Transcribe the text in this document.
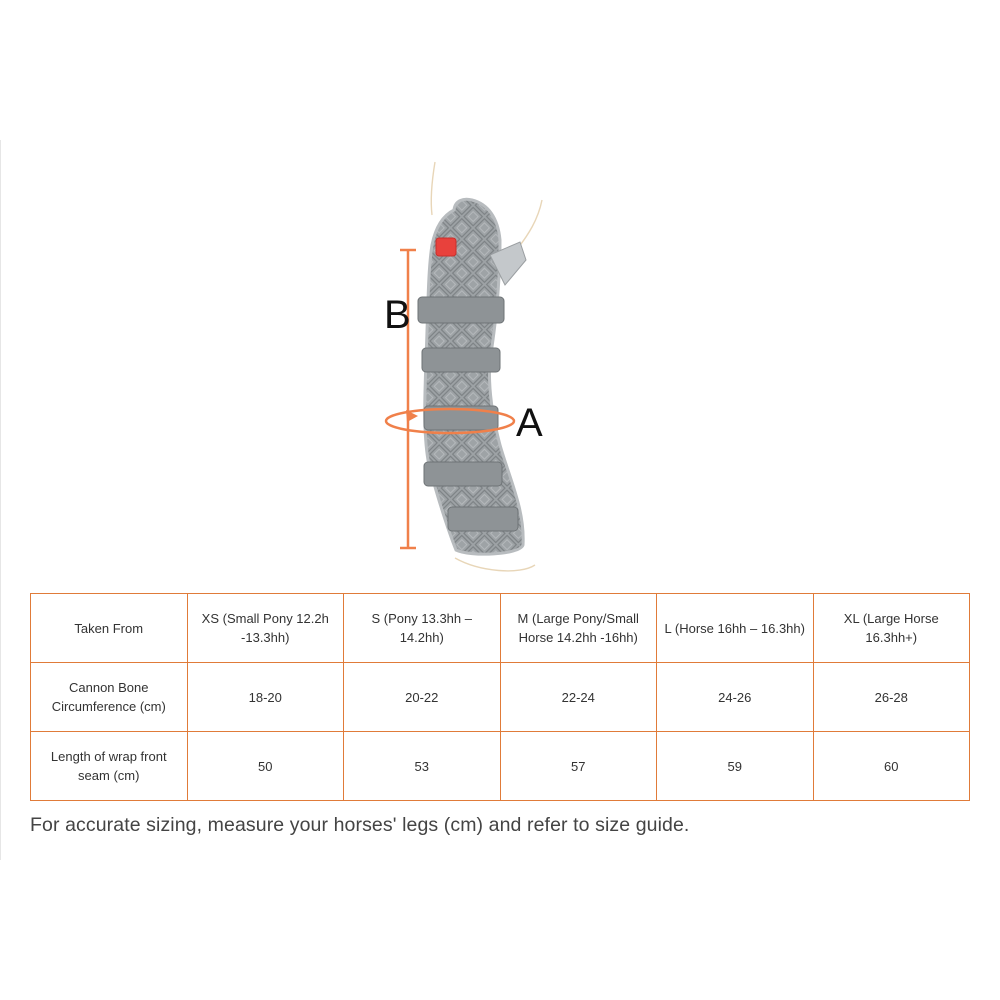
B
A
Taken From	XS (Small Pony 12.2h -13.3hh)	S (Pony 13.3hh – 14.2hh)	M (Large Pony/Small Horse 14.2hh -16hh)	L (Horse 16hh – 16.3hh)	XL (Large Horse 16.3hh+)
Cannon Bone Circumference (cm)	18-20	20-22	22-24	24-26	26-28
Length of wrap front seam (cm)	50	53	57	59	60
For accurate sizing, measure your horses' legs (cm) and refer to size guide.
